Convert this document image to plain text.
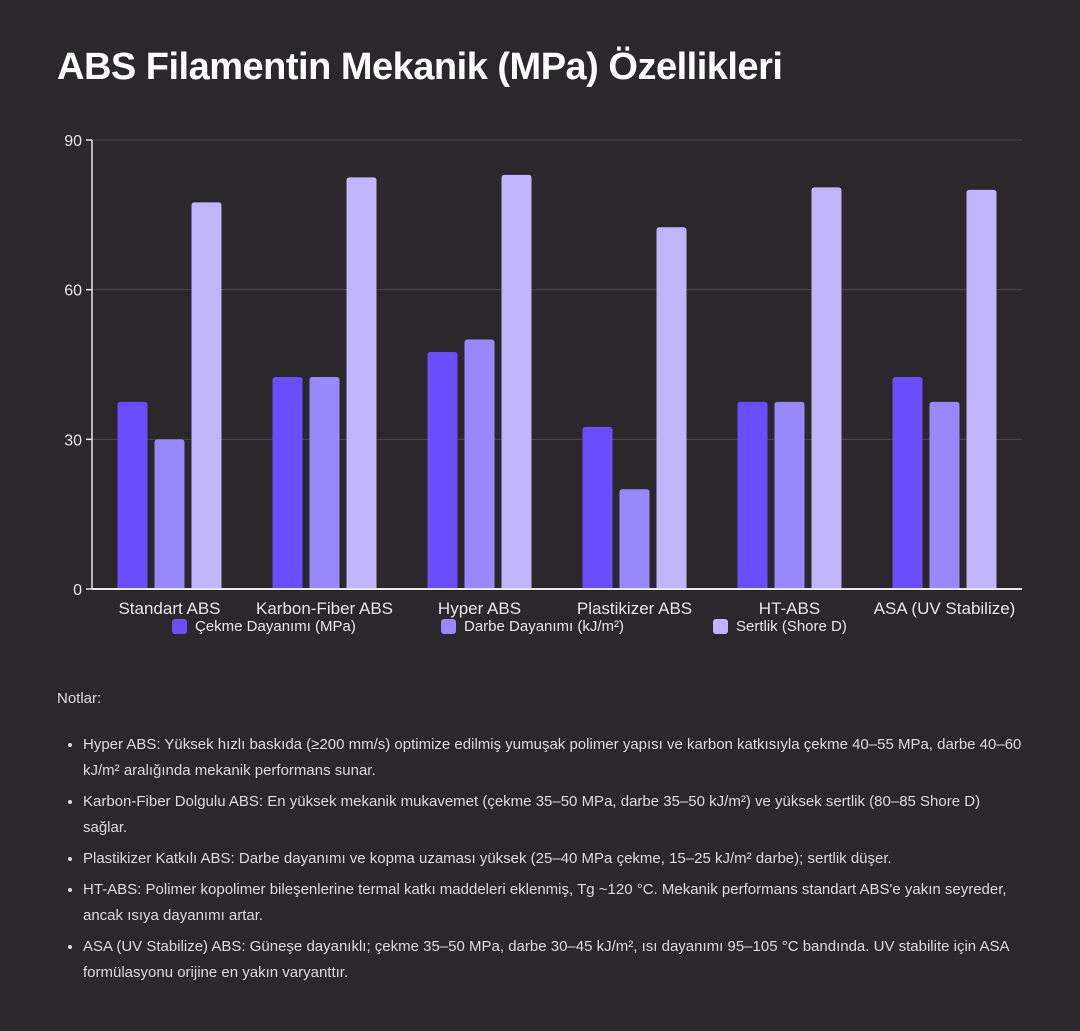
ABS Filamentin Mekanik (MPa) Özellikleri
0
30
60
90
Standart ABS Karbon-Fiber ABS	Hyper ABS	Plastikizer ABS	HT-ABS	ASA (UV Stabilize)
Çekme Dayanımı (MPa)	Darbe Dayanımı (kJ/m²)	Sertlik (Shore D)

Notlar:

• Hyper ABS: Yüksek hızlı baskıda (≥200 mm/s) optimize edilmiş yumuşak polimer yapısı ve karbon katkısıyla çekme 40–55 MPa, darbe 40–60 kJ/m² aralığında mekanik performans sunar.
• Karbon-Fiber Dolgulu ABS: En yüksek mekanik mukavemet (çekme 35–50 MPa, darbe 35–50 kJ/m²) ve yüksek sertlik (80–85 Shore D) sağlar.
• Plastikizer Katkılı ABS: Darbe dayanımı ve kopma uzaması yüksek (25–40 MPa çekme, 15–25 kJ/m² darbe); sertlik düşer.
• HT-ABS: Polimer kopolimer bileşenlerine termal katkı maddeleri eklenmiş, Tg ~120 °C. Mekanik performans standart ABS'e yakın seyreder, ancak ısıya dayanımı artar.
• ASA (UV Stabilize) ABS: Güneşe dayanıklı; çekme 35–50 MPa, darbe 30–45 kJ/m², ısı dayanımı 95–105 °C bandında. UV stabilite için ASA formülasyonu orijine en yakın varyanttır.
